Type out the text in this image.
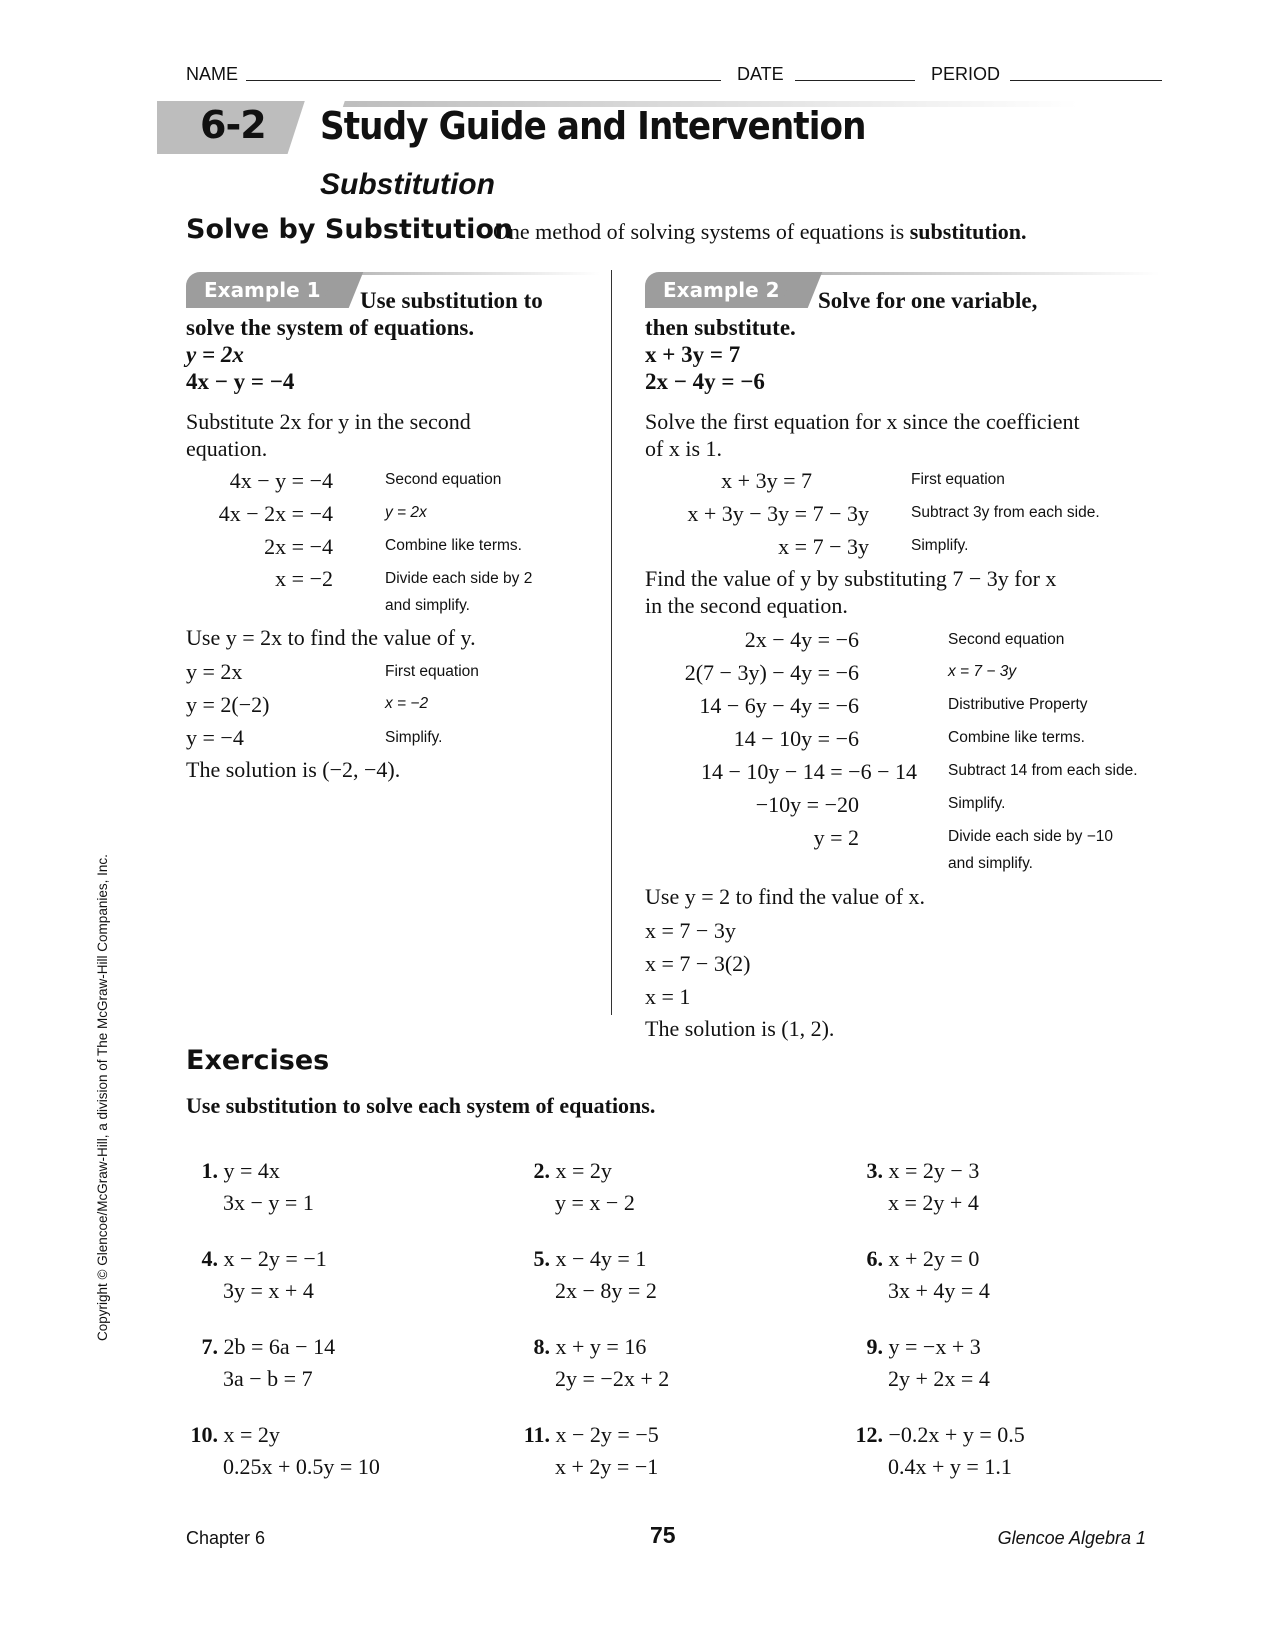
NAME	DATE	PERIOD
6-2 Study Guide and Intervention
Substitution
Solve by Substitution
One method of solving systems of equations is substitution.
Example 1	Use substitution to
solve the system of equations.
y = 2x
4x − y = −4
Substitute 2x for y in the second
equation.
4x − y = −4	Second equation
4x − 2x = −4	y = 2x
2x = −4	Combine like terms.
x = −2	Divide each side by 2
and simplify.
Use y = 2x to find the value of y.
y = 2x	First equation
y = 2(−2)	x = −2
y = −4	Simplify.
The solution is (−2, −4).
Example 2	Solve for one variable,
then substitute.
x + 3y = 7
2x − 4y = −6
Solve the first equation for x since the coefficient
of x is 1.
x + 3y = 7	First equation
x + 3y − 3y = 7 − 3y	Subtract 3y from each side.
x = 7 − 3y	Simplify.
Find the value of y by substituting 7 − 3y for x
in the second equation.
2x − 4y = −6	Second equation
2(7 − 3y) − 4y = −6	x = 7 − 3y
14 − 6y − 4y = −6	Distributive Property
14 − 10y = −6	Combine like terms.
14 − 10y − 14 = −6 − 14 Subtract 14 from each side.
−10y = −20	Simplify.
y = 2	Divide each side by −10
and simplify.
Use y = 2 to find the value of x.
x = 7 − 3y
x = 7 − 3(2)
x = 1
The solution is (1, 2).
Exercises
Use substitution to solve each system of equations.
1. y = 4x
3x − y = 1
2. x = 2y
y = x − 2
3. x = 2y − 3
x = 2y + 4
4. x − 2y = −1
3y = x + 4
5. x − 4y = 1
2x − 8y = 2
6. x + 2y = 0
3x + 4y = 4
7. 2b = 6a − 14
3a − b = 7
8. x + y = 16
2y = −2x + 2
9. y = −x + 3
2y + 2x = 4
10. x = 2y
0.25x + 0.5y = 10
11. x − 2y = −5
x + 2y = −1
12. −0.2x + y = 0.5
0.4x + y = 1.1
Copyright © Glencoe/McGraw-Hill, a division of The McGraw-Hill Companies, Inc.
Chapter 6	75	Glencoe Algebra 1
